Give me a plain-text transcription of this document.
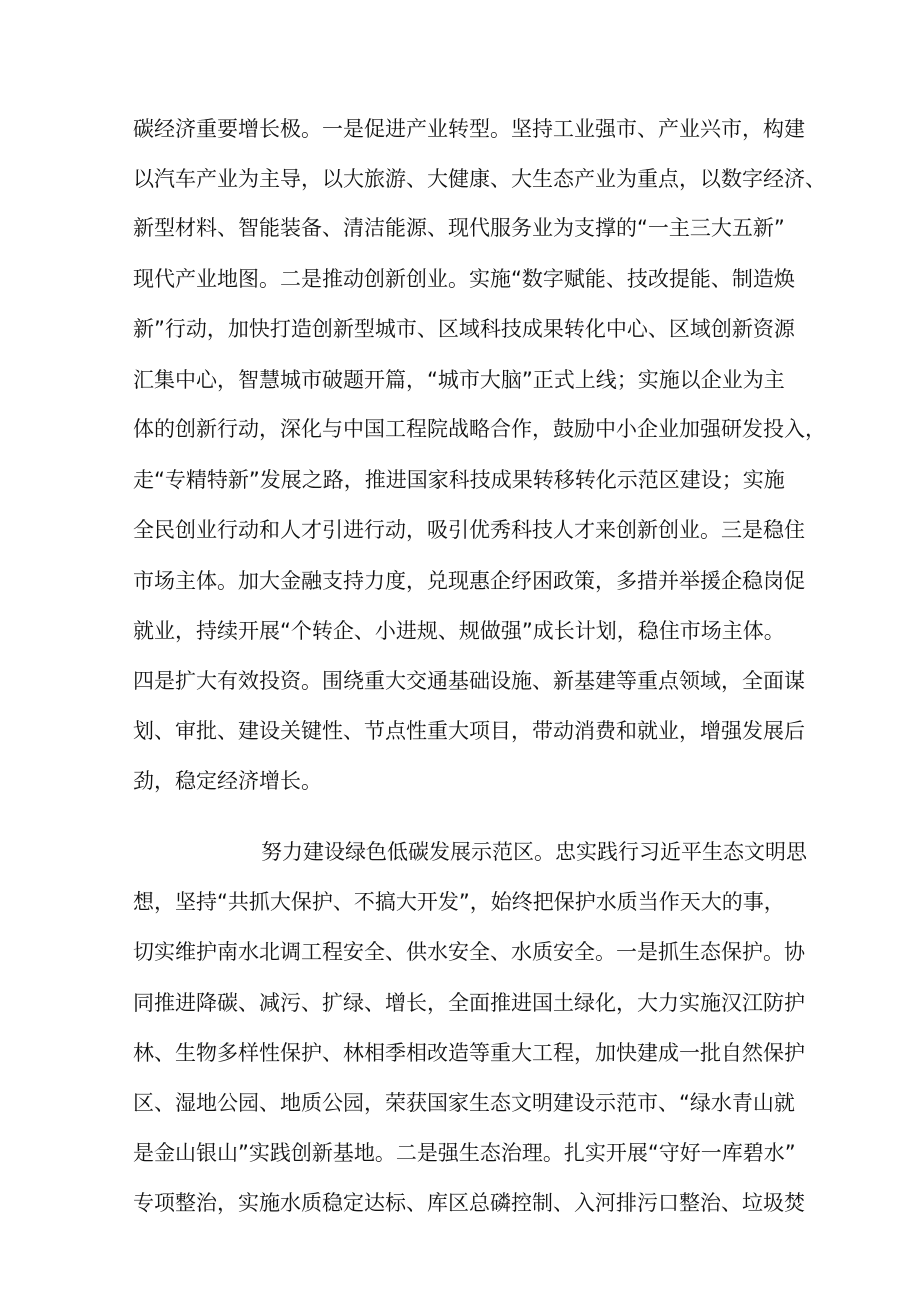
碳经济重要增长极。一是促进产业转型。坚持工业强市、产业兴市，构建
以汽车产业为主导，以大旅游、大健康、大生态产业为重点，以数字经济、
新型材料、智能装备、清洁能源、现代服务业为支撑的“一主三大五新”
现代产业地图。二是推动创新创业。实施“数字赋能、技改提能、制造焕
新”行动，加快打造创新型城市、区域科技成果转化中心、区域创新资源
汇集中心，智慧城市破题开篇，“城市大脑”正式上线；实施以企业为主
体的创新行动，深化与中国工程院战略合作，鼓励中小企业加强研发投入，
走“专精特新”发展之路，推进国家科技成果转移转化示范区建设；实施
全民创业行动和人才引进行动，吸引优秀科技人才来创新创业。三是稳住
市场主体。加大金融支持力度，兑现惠企纾困政策，多措并举援企稳岗促
就业，持续开展“个转企、小进规、规做强”成长计划，稳住市场主体。
四是扩大有效投资。围绕重大交通基础设施、新基建等重点领域，全面谋
划、审批、建设关键性、节点性重大项目，带动消费和就业，增强发展后
劲，稳定经济增长。
努力建设绿色低碳发展示范区。忠实践行习近平生态文明思
想，坚持“共抓大保护、不搞大开发”，始终把保护水质当作天大的事，
切实维护南水北调工程安全、供水安全、水质安全。一是抓生态保护。协
同推进降碳、减污、扩绿、增长，全面推进国土绿化，大力实施汉江防护
林、生物多样性保护、林相季相改造等重大工程，加快建成一批自然保护
区、湿地公园、地质公园，荣获国家生态文明建设示范市、“绿水青山就
是金山银山”实践创新基地。二是强生态治理。扎实开展“守好一库碧水”
专项整治，实施水质稳定达标、库区总磷控制、入河排污口整治、垃圾焚
